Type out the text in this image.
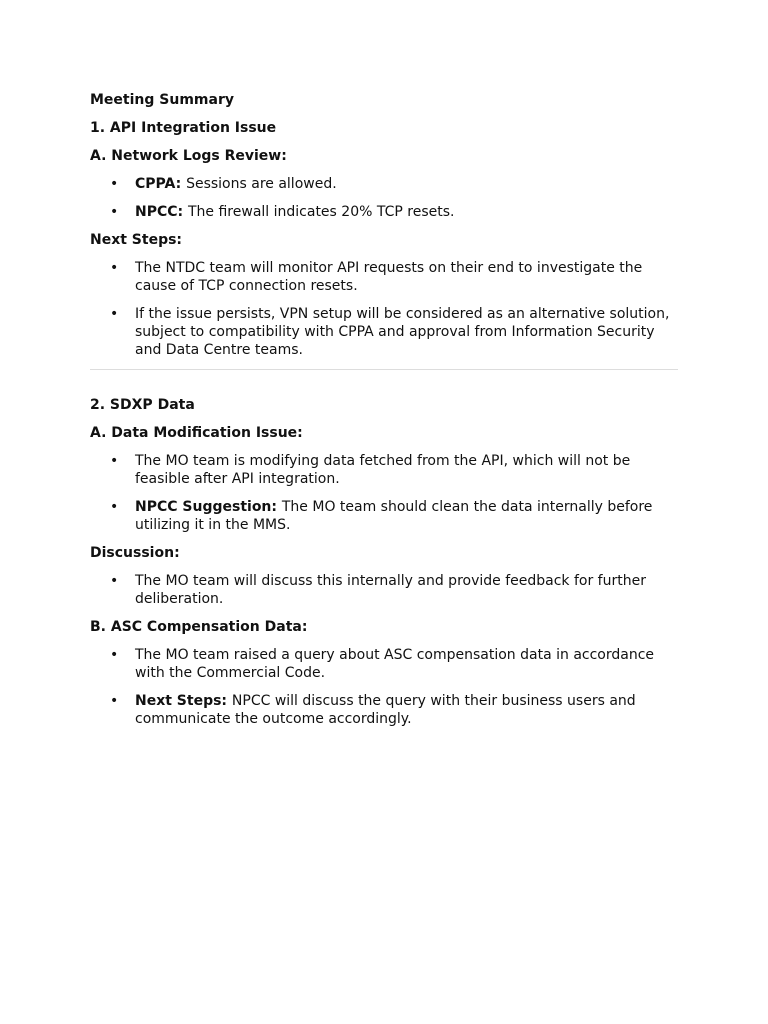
Meeting Summary
1. API Integration Issue
A. Network Logs Review:
• CPPA: Sessions are allowed.
• NPCC: The firewall indicates 20% TCP resets.
Next Steps:
• The NTDC team will monitor API requests on their end to investigate the cause of TCP connection resets.
• If the issue persists, VPN setup will be considered as an alternative solution, subject to compatibility with CPPA and approval from Information Security and Data Centre teams.
2. SDXP Data
A. Data Modification Issue:
• The MO team is modifying data fetched from the API, which will not be feasible after API integration.
• NPCC Suggestion: The MO team should clean the data internally before utilizing it in the MMS.
Discussion:
• The MO team will discuss this internally and provide feedback for further deliberation.
B. ASC Compensation Data:
• The MO team raised a query about ASC compensation data in accordance with the Commercial Code.
• Next Steps: NPCC will discuss the query with their business users and communicate the outcome accordingly.
